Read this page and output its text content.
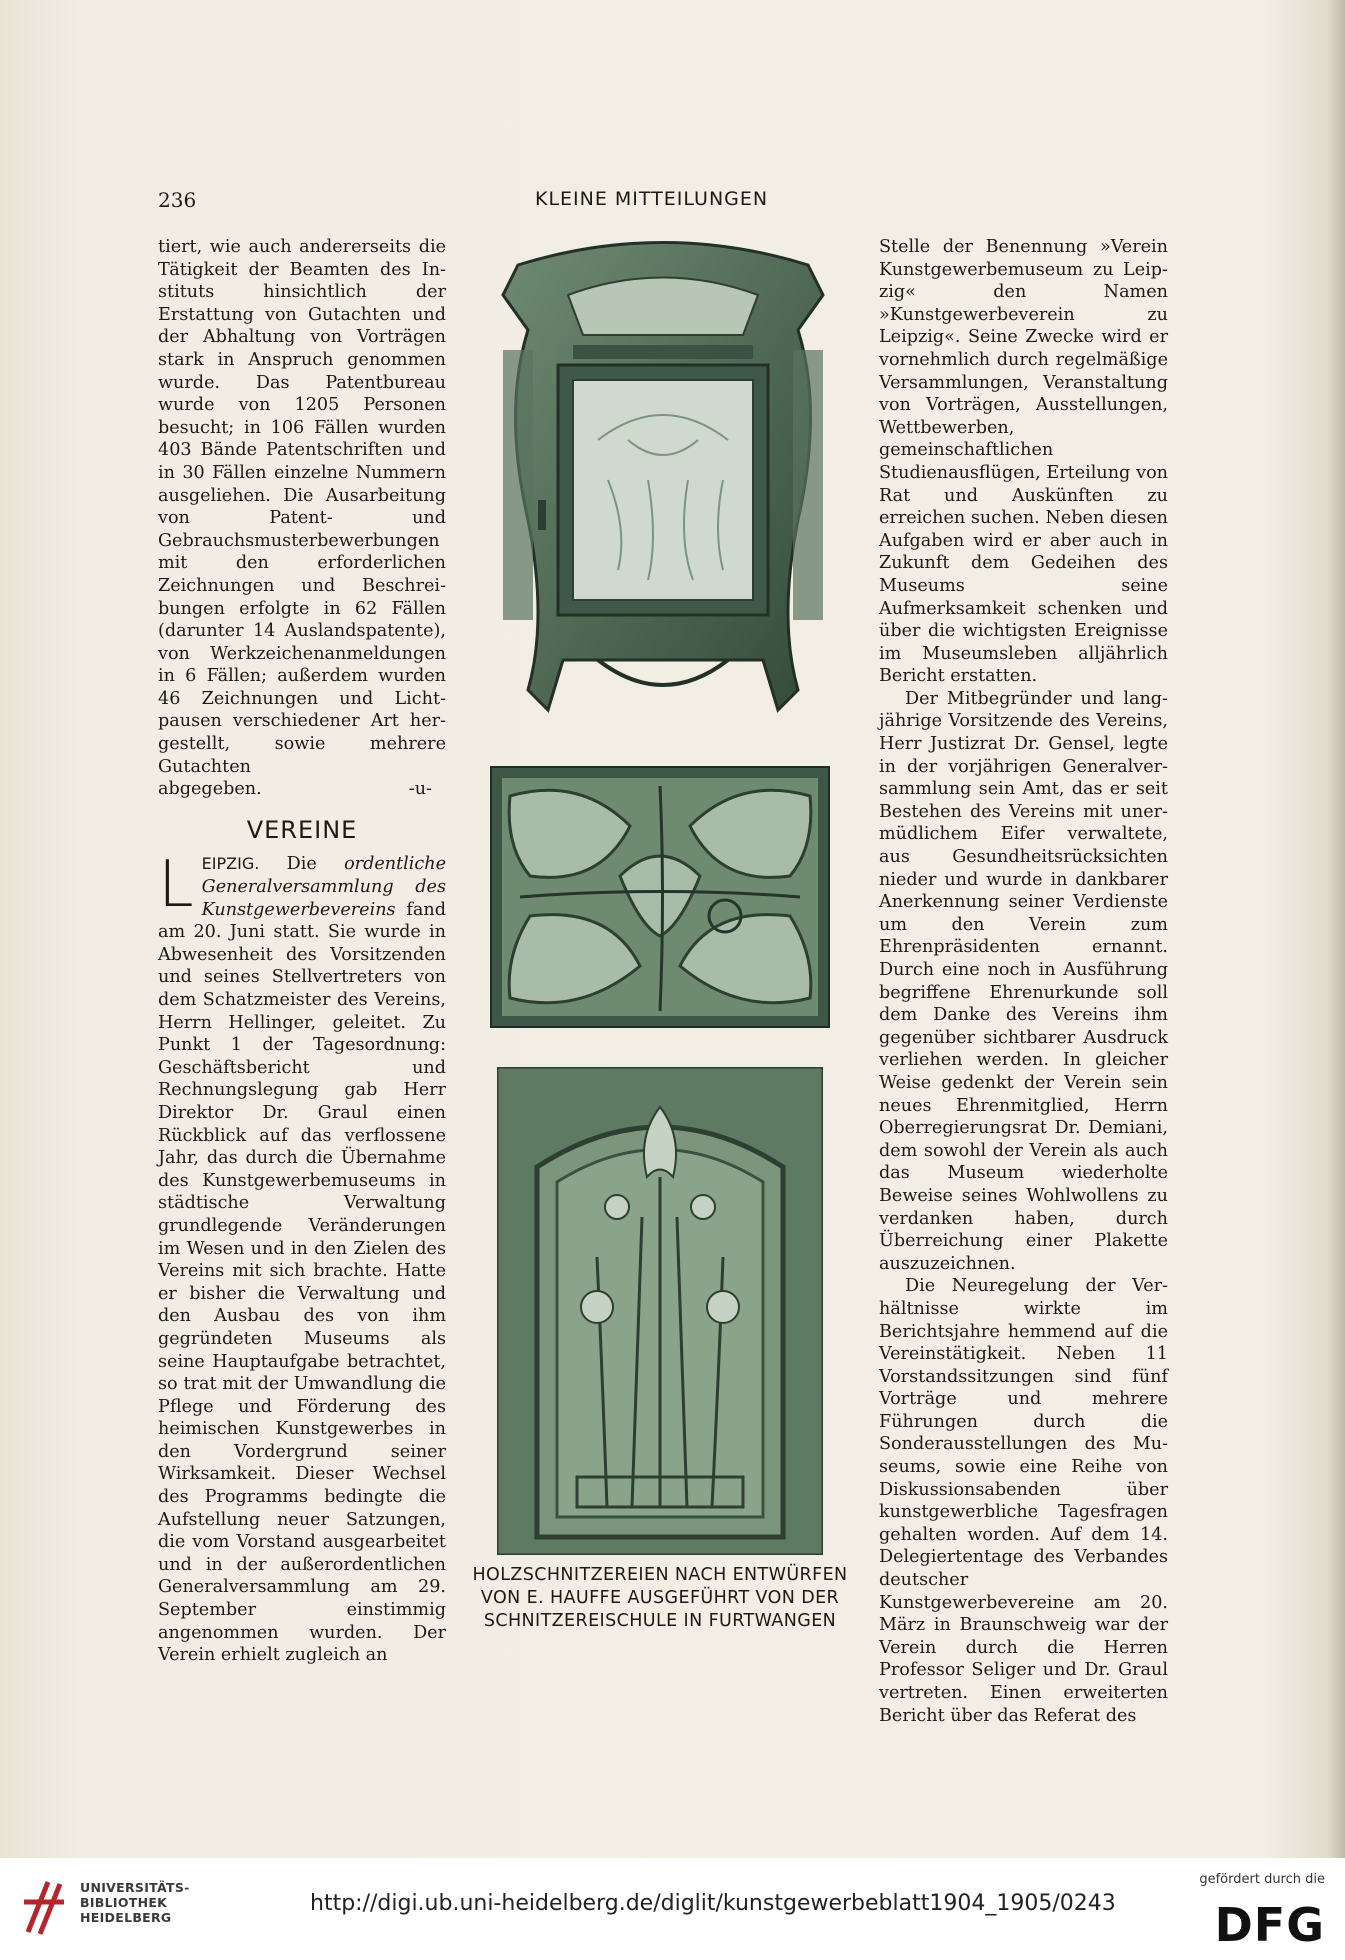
236	KLEINE MITTEILUNGEN

tiert, wie auch andererseits die Tätigkeit der Beamten des Instituts hinsichtlich der Erstattung von Gutachten und der Abhaltung von Vorträgen stark in Anspruch genommen wurde. Das Patentbureau wurde von 1205 Personen besucht; in 106 Fällen wurden 403 Bände Patentschriften und in 30 Fällen einzelne Nummern ausgeliehen. Die Ausarbeitung von Patent- und Gebrauchsmusterbewerbungen mit den erforderlichen Zeichnungen und Beschreibungen erfolgte in 62 Fällen (darunter 14 Auslandspatente), von Werkzeichenanmeldungen in 6 Fällen; außerdem wurden 46 Zeichnungen und Lichtpausen verschiedener Art hergestellt, sowie mehrere Gutachten

abgegeben.	-u-
VEREINE

L EIPZIG. Die ordentliche Generalversammlung des Kunstgewerbevereins fand am 20. Juni statt. Sie wurde in Abwesenheit des Vorsitzenden und seines Stellvertreters von dem Schatzmeister des Vereins, Herrn Hellinger, geleitet. Zu Punkt 1 der Tagesordnung: Geschäftsbericht und Rechnungslegung gab Herr Direktor Dr. Graul einen Rückblick auf das verflossene Jahr, das durch die Übernahme des Kunstgewerbemuseums in städtische Verwaltung grundlegende Veränderungen im Wesen und in den Zielen des Vereins mit sich brachte. Hatte er bisher die Verwaltung und den Ausbau des von ihm gegründeten Museums als seine Hauptaufgabe betrachtet, so trat mit der Umwandlung die Pflege und Förderung des heimischen Kunstgewerbes in den Vordergrund seiner Wirksamkeit. Dieser Wechsel des Programms bedingte die Aufstellung neuer Satzungen, die vom Vorstand ausgearbeitet und in der außerordentlichen Generalversammlung am 29. September einstimmig angenommen wurden. Der Verein erhielt zugleich an

HOLZSCHNITZEREIEN NACH ENTWÜRFEN
VON E. HAUFFE AUSGEFÜHRT VON DER
SCHNITZEREISCHULE IN FURTWANGEN

Stelle der Benennung »Verein Kunstgewerbemuseum zu Leipzig« den Namen »Kunstgewerbeverein zu Leipzig«. Seine Zwecke wird er vornehmlich durch regelmäßige Versammlungen, Veranstaltung von Vorträgen, Ausstellungen, Wettbewerben, gemeinschaftlichen Studienausflügen, Erteilung von Rat und Auskünften zu erreichen suchen. Neben diesen Aufgaben wird er aber auch in Zukunft dem Gedeihen des Museums seine Aufmerksamkeit schenken und über die wichtigsten Ereignisse im Museumsleben alljährlich Bericht erstatten.

Der Mitbegründer und langjährige Vorsitzende des Vereins, Herr Justizrat Dr. Gensel, legte in der vorjährigen Generalversammlung sein Amt, das er seit Bestehen des Vereins mit unermüdlichem Eifer verwaltete, aus Gesundheitsrücksichten nieder und wurde in dankbarer Anerkennung seiner Verdienste um den Verein zum Ehrenpräsidenten ernannt. Durch eine noch in Ausführung begriffene Ehrenurkunde soll dem Danke des Vereins ihm gegenüber sichtbarer Ausdruck verliehen werden. In gleicher Weise gedenkt der Verein sein neues Ehrenmitglied, Herrn Oberregierungsrat Dr. Demiani, dem sowohl der Verein als auch das Museum wiederholte Beweise seines Wohlwollens zu verdanken haben, durch Überreichung einer Plakette auszuzeichnen.

Die Neuregelung der Verhältnisse wirkte im Berichtsjahre hemmend auf die Vereinstätigkeit. Neben 11 Vorstandssitzungen sind fünf Vorträge und mehrere Führungen durch die Sonderausstellungen des Museums, sowie eine Reihe von Diskussionsabenden über kunstgewerbliche Tagesfragen gehalten worden. Auf dem 14. Delegiertentage des Verbandes deutscher Kunstgewerbevereine am 20. März in Braunschweig war der Verein durch die Herren Professor Seliger und Dr. Graul vertreten. Einen erweiterten Bericht über das Referat des

UNIVERSITÄTS-
BIBLIOTHEK
HEIDELBERG
http://digi.ub.uni-heidelberg.de/diglit/kunstgewerbeblatt1904_1905/0243
gefördert durch die
DFG
